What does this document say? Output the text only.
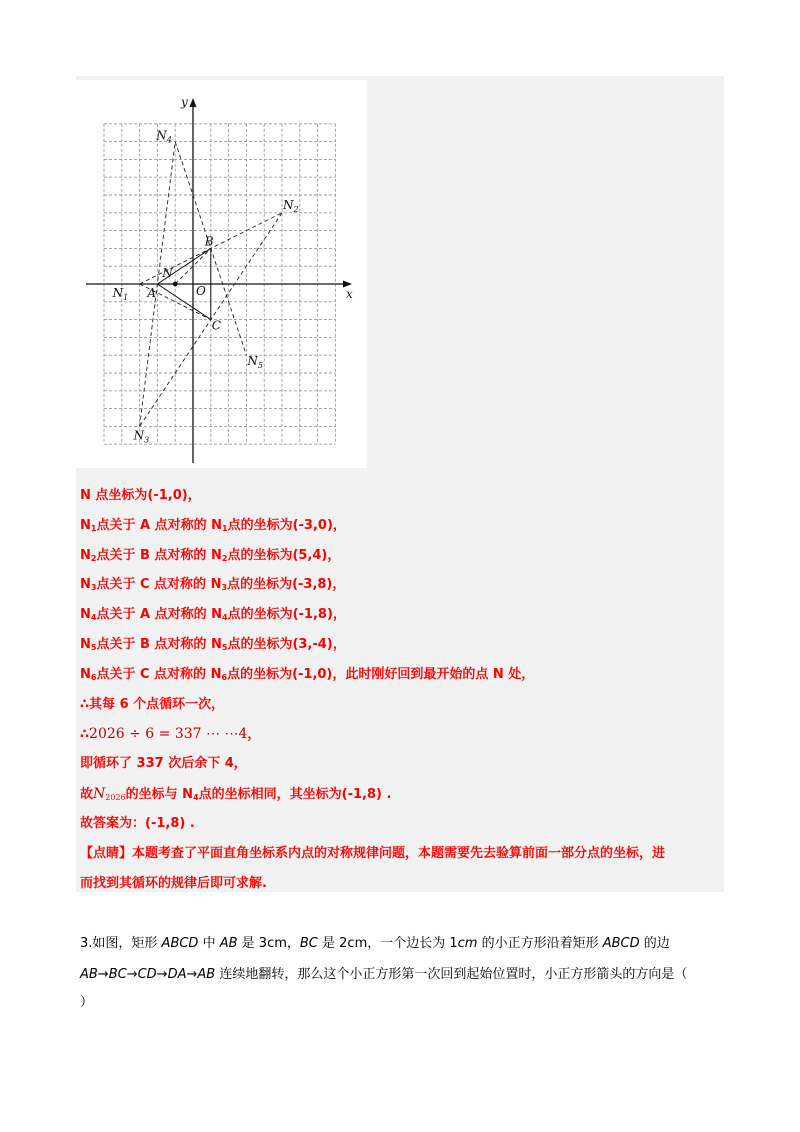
N
A
B
C
$N_1$
$N_2$
$N_3$
$N_4$
$N_5$
O	x
y
N 点坐标为(-1,0)，
$N_1$点关于 A 点对称的 $N_1$点的坐标为(-3,0)，
$N_2$点关于 B 点对称的 $N_2$点的坐标为(5,4)，
$N_3$点关于 C 点对称的 $N_3$点的坐标为(-3,8)，
$N_4$点关于 A 点对称的 $N_4$点的坐标为(-1,8)，
$N_5$点关于 B 点对称的 $N_5$点的坐标为(3,-4)，
$N_6$点关于 C 点对称的 $N_6$点的坐标为(-1,0)，此时刚好回到最开始的点 N 处，
∴其每 6 个点循环一次，
∴2026 ÷ 6 = 337 ⋯ ⋯4，
即循环了 337 次后余下 4，
故$N_{2026}$的坐标与 $N_4$点的坐标相同，其坐标为(-1,8) .
故答案为：(-1,8) .
【点睛】本题考查了平面直角坐标系内点的对称规律问题，本题需要先去验算前面一部分点的坐标，进
而找到其循环的规律后即可求解.
3.如图，矩形 ABCD 中 AB 是 3cm，BC 是 2cm，一个边长为 1cm 的小正方形沿着矩形 ABCD 的边
AB→BC→CD→DA→AB 连续地翻转，那么这个小正方形第一次回到起始位置时，小正方形箭头的方向是（
）
